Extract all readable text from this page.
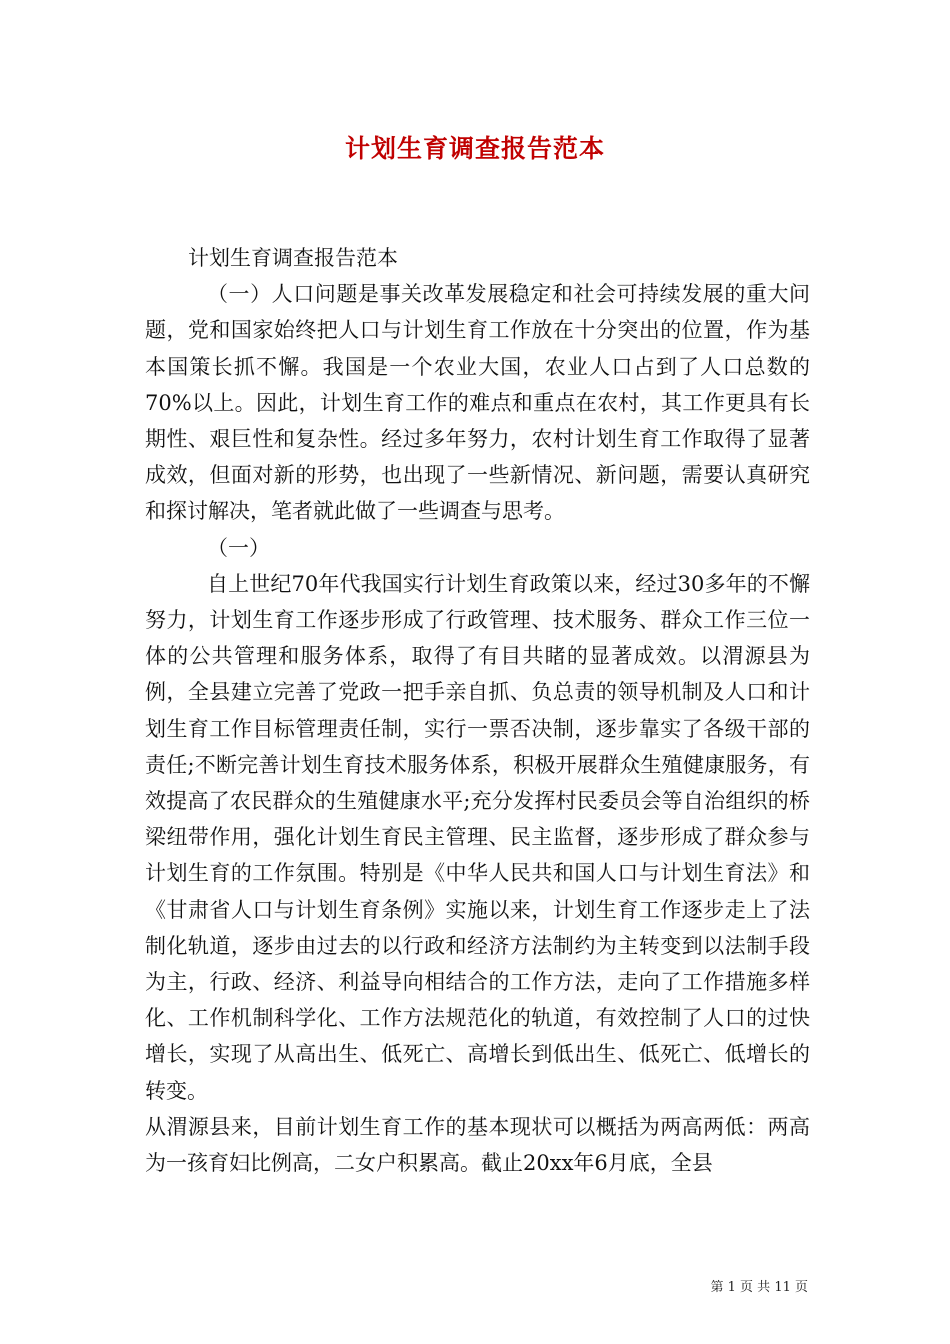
计划生育调查报告范本

计划生育调查报告范本

（一）人口问题是事关改革发展稳定和社会可持续发展的重大问题，党和国家始终把人口与计划生育工作放在十分突出的位置，作为基本国策长抓不懈。我国是一个农业大国，农业人口占到了人口总数的70%以上。因此，计划生育工作的难点和重点在农村，其工作更具有长期性、艰巨性和复杂性。经过多年努力，农村计划生育工作取得了显著成效，但面对新的形势，也出现了一些新情况、新问题，需要认真研究和探讨解决，笔者就此做了一些调查与思考。

（一）

自上世纪70年代我国实行计划生育政策以来，经过30多年的不懈努力，计划生育工作逐步形成了行政管理、技术服务、群众工作三位一体的公共管理和服务体系，取得了有目共睹的显著成效。以渭源县为例，全县建立完善了党政一把手亲自抓、负总责的领导机制及人口和计划生育工作目标管理责任制，实行一票否决制，逐步靠实了各级干部的责任;不断完善计划生育技术服务体系，积极开展群众生殖健康服务，有效提高了农民群众的生殖健康水平;充分发挥村民委员会等自治组织的桥梁纽带作用，强化计划生育民主管理、民主监督，逐步形成了群众参与计划生育的工作氛围。特别是《中华人民共和国人口与计划生育法》和《甘肃省人口与计划生育条例》实施以来，计划生育工作逐步走上了法制化轨道，逐步由过去的以行政和经济方法制约为主转变到以法制手段为主，行政、经济、利益导向相结合的工作方法，走向了工作措施多样化、工作机制科学化、工作方法规范化的轨道，有效控制了人口的过快增长，实现了从高出生、低死亡、高增长到低出生、低死亡、低增长的转变。

从渭源县来，目前计划生育工作的基本现状可以概括为两高两低：两高为一孩育妇比例高，二女户积累高。截止20xx年6月底，全县

第 1 页 共 11 页
